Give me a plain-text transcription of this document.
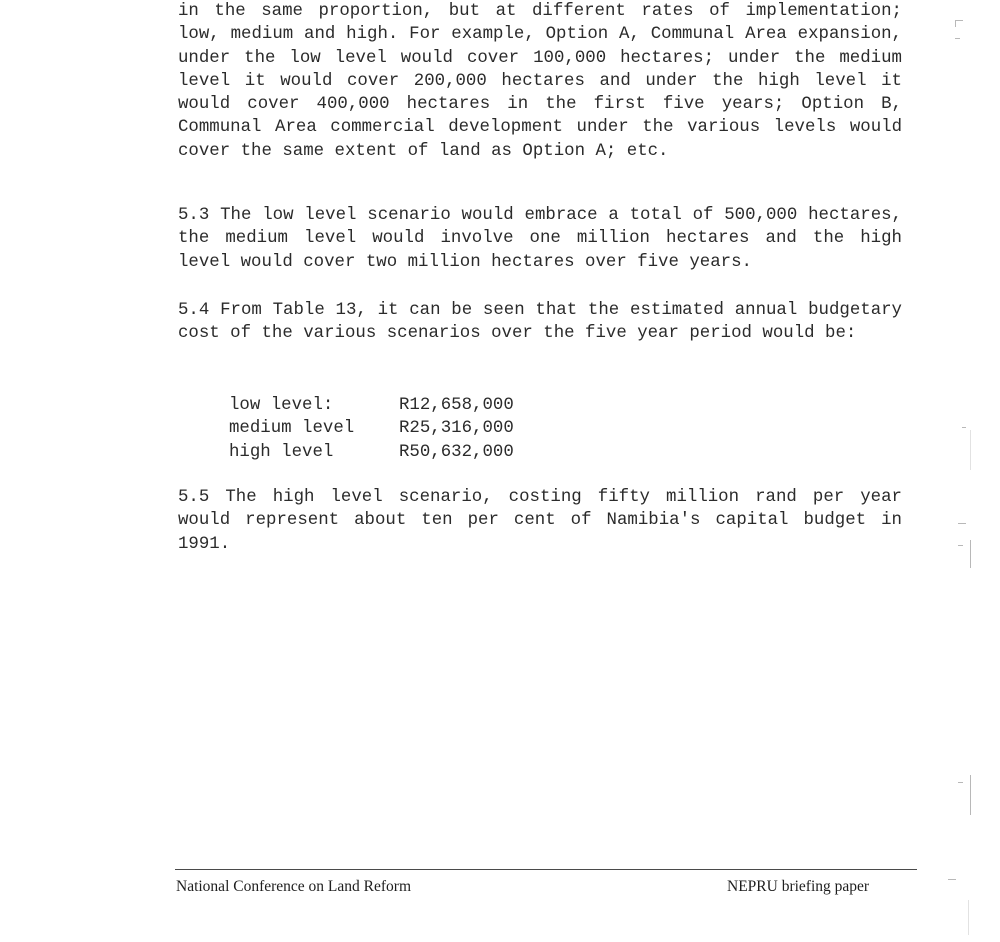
in the same proportion, but at different rates of implementation; low, medium and high. For example, Option A, Communal Area expansion, under the low level would cover 100,000 hectares; under the medium level it would cover 200,000 hectares and under the high level it would cover 400,000 hectares in the first five years; Option B, Communal Area commercial development under the various levels would cover the same extent of land as Option A; etc.

5.3 The low level scenario would embrace a total of 500,000 hectares, the medium level would involve one million hectares and the high level would cover two million hectares over five years.

5.4 From Table 13, it can be seen that the estimated annual budgetary cost of the various scenarios over the five year period would be:

low level:	R12,658,000
medium level	R25,316,000
high level	R50,632,000

5.5 The high level scenario, costing fifty million rand per year would represent about ten per cent of Namibia's capital budget in 1991.

National Conference on Land Reform	NEPRU briefing paper
